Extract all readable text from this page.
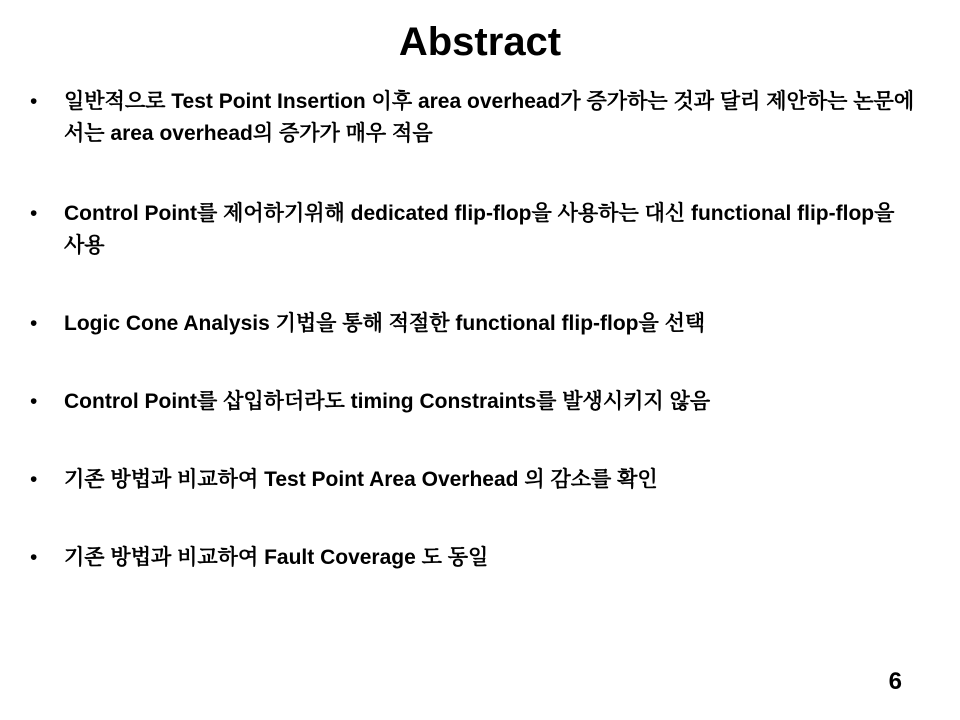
Abstract
• 일반적으로 Test Point Insertion 이후 area overhead가 증가하는 것과 달리 제안하는 논문에서는 area overhead의 증가가 매우 적음
• Control Point를 제어하기위해 dedicated flip-flop을 사용하는 대신 functional flip-flop을 사용
• Logic Cone Analysis 기법을 통해 적절한 functional flip-flop을 선택
• Control Point를 삽입하더라도 timing Constraints를 발생시키지 않음
• 기존 방법과 비교하여 Test Point Area Overhead 의 감소를 확인
• 기존 방법과 비교하여 Fault Coverage 도 동일
6
